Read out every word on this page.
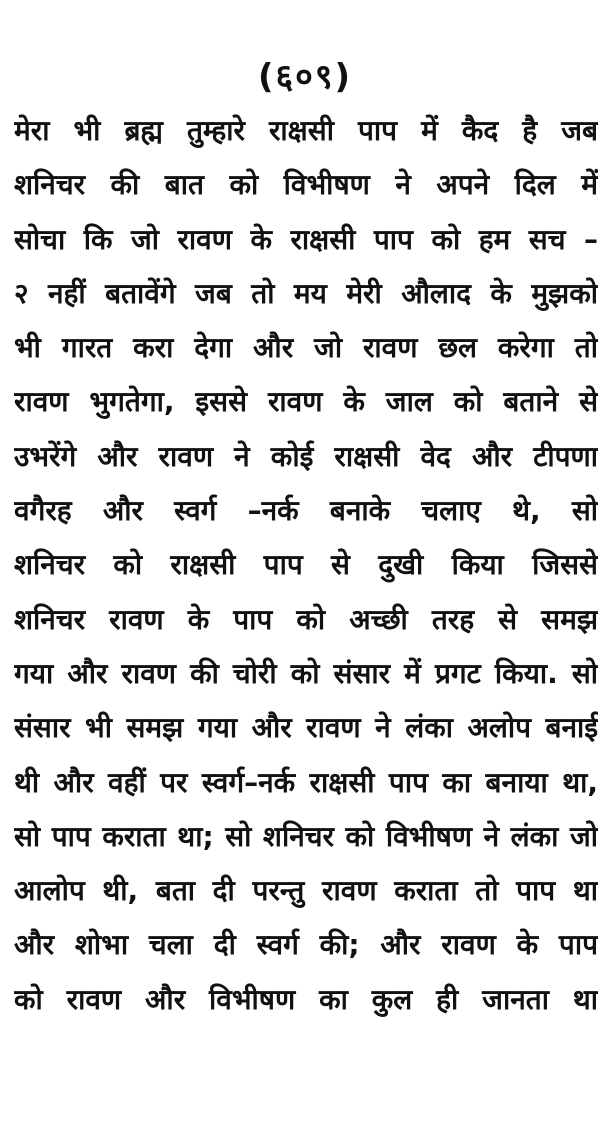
(६०९)
मेरा भी ब्रह्म तुम्हारे राक्षसी पाप में कैद है जब
शनिचर की बात को विभीषण ने अपने दिल में
सोचा कि जो रावण के राक्षसी पाप को हम सच –
२ नहीं बतावेंगे जब तो मय मेरी औलाद के मुझको
भी गारत करा देगा और जो रावण छल करेगा तो
रावण भुगतेगा, इससे रावण के जाल को बताने से
उभरेंगे और रावण ने कोई राक्षसी वेद और टीपणा
वगैरह और स्वर्ग –नर्क बनाके चलाए थे, सो
शनिचर को राक्षसी पाप से दुखी किया जिससे
शनिचर रावण के पाप को अच्छी तरह से समझ
गया और रावण की चोरी को संसार में प्रगट किया. सो
संसार भी समझ गया और रावण ने लंका अलोप बनाई
थी और वहीं पर स्वर्ग–नर्क राक्षसी पाप का बनाया था,
सो पाप कराता था; सो शनिचर को विभीषण ने लंका जो
आलोप थी, बता दी परन्तु रावण कराता तो पाप था
और शोभा चला दी स्वर्ग की; और रावण के पाप
को रावण और विभीषण का कुल ही जानता था
